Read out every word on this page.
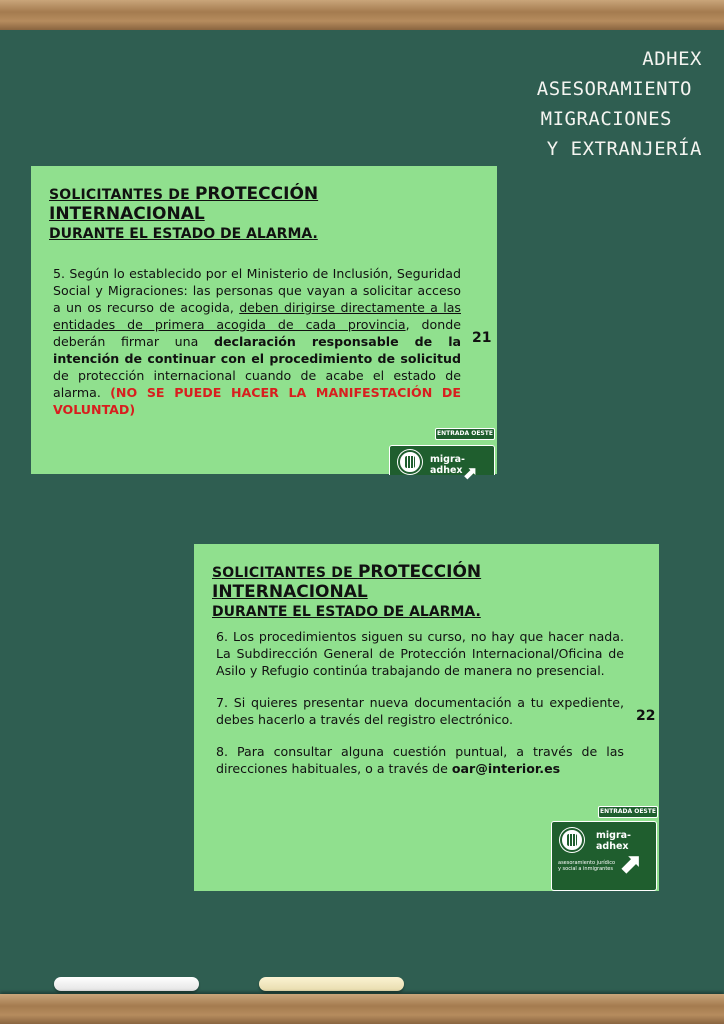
ADHEX
ASESORAMIENTO
MIGRACIONES
Y EXTRANJERÍA
SOLICITANTES DE PROTECCIÓN INTERNACIONAL
DURANTE EL ESTADO DE ALARMA.

5. Según lo establecido por el Ministerio de Inclusión, Seguridad Social y Migraciones: las personas que vayan a solicitar acceso a un os recurso de acogida, deben dirigirse directamente a las entidades de primera acogida de cada provincia, donde deberán firmar una declaración responsable de la intención de continuar con el procedimiento de solicitud de protección internacional cuando de acabe el estado de alarma. (NO SE PUEDE HACER LA MANIFESTACIÓN DE VOLUNTAD)

21
ENTRADA OESTE
migra-adhex ⬈
SOLICITANTES DE PROTECCIÓN INTERNACIONAL
DURANTE EL ESTADO DE ALARMA.

6. Los procedimientos siguen su curso, no hay que hacer nada. La Subdirección General de Protección Internacional/Oficina de Asilo y Refugio continúa trabajando de manera no presencial.

7. Si quieres presentar nueva documentación a tu expediente, debes hacerlo a través del registro electrónico.

8. Para consultar alguna cuestión puntual, a través de las direcciones habituales, o a través de oar@interior.es

22
ENTRADA OESTE
migra-adhex
asesoramiento jurídico y social a inmigrantes ⬈
